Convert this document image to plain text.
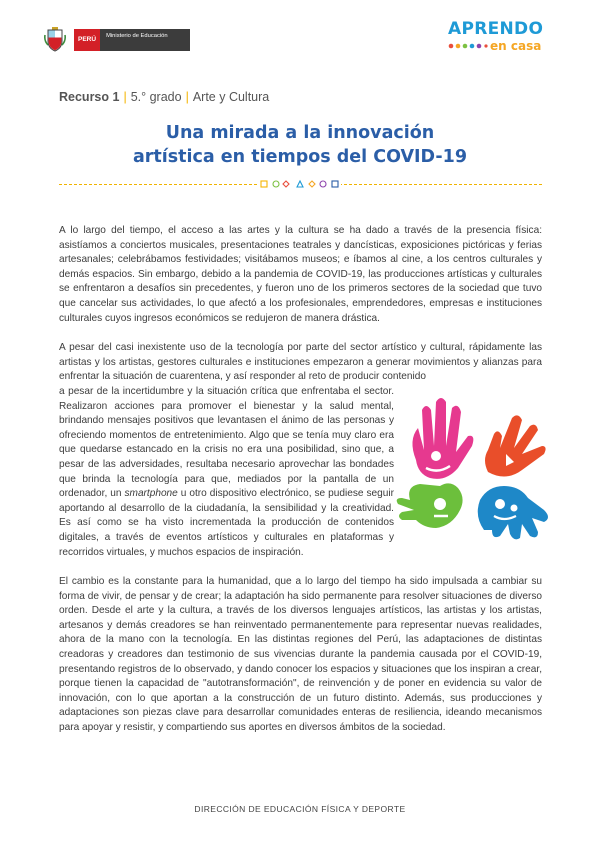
PERÚ	Ministerio de Educación	APRENDO
en casa
Recurso 1 | 5.° grado | Arte y Cultura
Una mirada a la innovación
artística en tiempos del COVID-19

A lo largo del tiempo, el acceso a las artes y la cultura se ha dado a través de la presencia física: asistíamos a conciertos musicales, presentaciones teatrales y dancísticas, exposiciones pictóricas y ferias artesanales; celebrábamos festividades; visitábamos museos; e íbamos al cine, a los centros culturales y demás espacios. Sin embargo, debido a la pandemia de COVID-19, las producciones artísticas y culturales se enfrentaron a desafíos sin precedentes, y fueron uno de los primeros sectores de la sociedad que tuvo que cancelar sus actividades, lo que afectó a los profesionales, emprendedores, empresas e instituciones culturales cuyos ingresos económicos se redujeron de manera drástica.

A pesar del casi inexistente uso de la tecnología por parte del sector artístico y cultural, rápidamente las artistas y los artistas, gestores culturales e instituciones empezaron a generar movimientos y alianzas para enfrentar la situación de cuarentena, y así responder al reto de producir contenido

a pesar de la incertidumbre y la situación crítica que enfrentaba el sector. Realizaron acciones para promover el bienestar y la salud mental, brindando mensajes positivos que levantasen el ánimo de las personas y ofreciendo momentos de entretenimiento. Algo que se tenía muy claro era que quedarse estancado en la crisis no era una posibilidad, sino que, a pesar de las adversidades, resultaba necesario aprovechar las bondades que brinda la tecnología para que, mediados por la pantalla de un ordenador, un smartphone u otro dispositivo electrónico, se pudiese seguir aportando al desarrollo de la ciudadanía, la sensibilidad y la creatividad. Es así como se ha visto incrementada la producción de contenidos digitales, a través de eventos artísticos y culturales en plataformas y recorridos virtuales, y muchos espacios de inspiración.

El cambio es la constante para la humanidad, que a lo largo del tiempo ha sido impulsada a cambiar su forma de vivir, de pensar y de crear; la adaptación ha sido permanente para resolver situaciones de diverso orden. Desde el arte y la cultura, a través de los diversos lenguajes artísticos, las artistas y los artistas, artesanos y demás creadores se han reinventado permanentemente para representar nuevas realidades, ahora de la mano con la tecnología. En las distintas regiones del Perú, las adaptaciones de distintas creadoras y creadores dan testimonio de sus vivencias durante la pandemia causada por el COVID-19, presentando registros de lo observado, y dando conocer los espacios y situaciones que los inspiran a crear, porque tienen la capacidad de "autotransformación", de reinvención y de poner en evidencia su valor de innovación, con lo que aportan a la construcción de un futuro distinto. Además, sus producciones y adaptaciones son piezas clave para desarrollar comunidades enteras de resiliencia, ideando mecanismos para apoyar y resistir, y compartiendo sus aportes en diversos ámbitos de la sociedad.

DIRECCIÓN DE EDUCACIÓN FÍSICA Y DEPORTE
